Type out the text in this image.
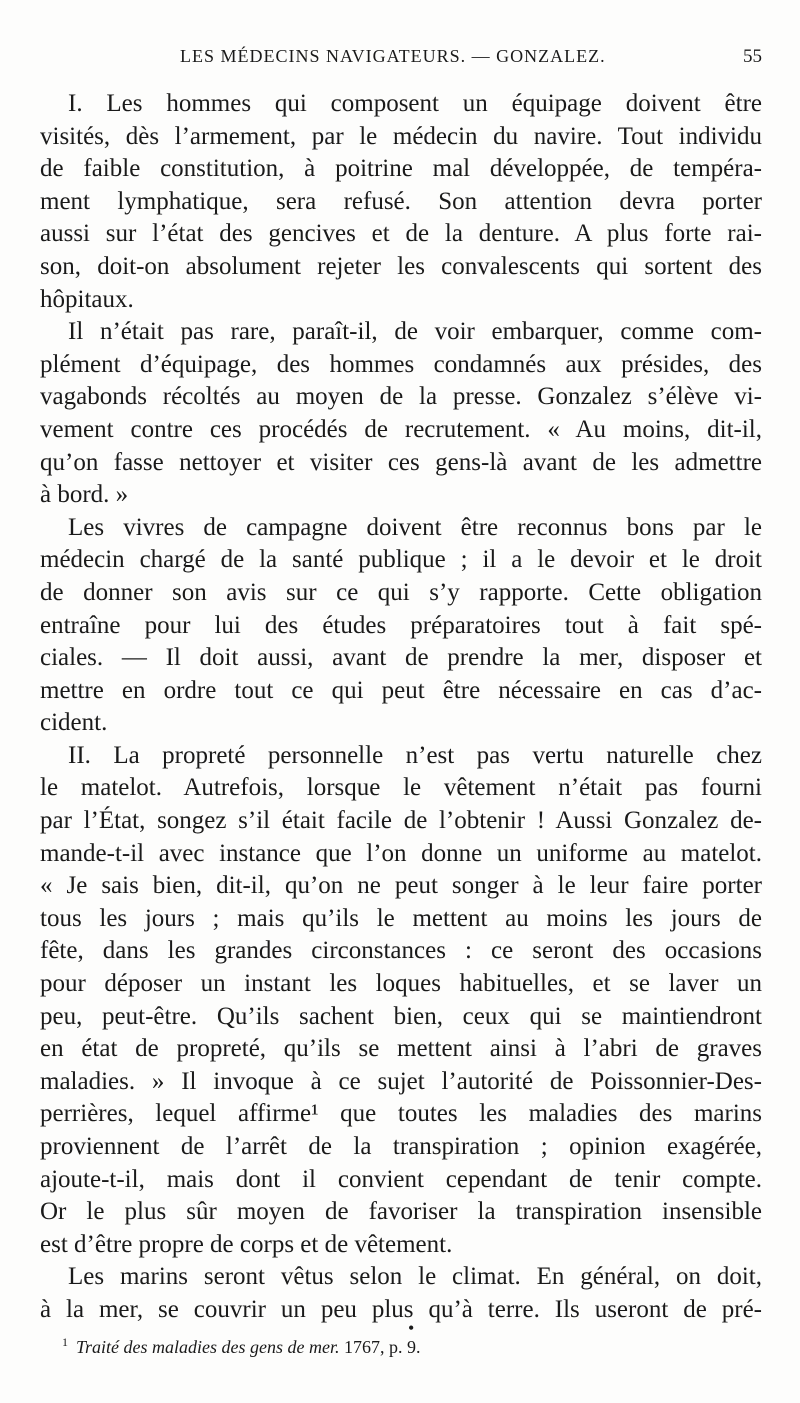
LES MÉDECINS NAVIGATEURS. — GONZALEZ.	55
I. Les hommes qui composent un équipage doivent être
visités, dès l’armement, par le médecin du navire. Tout individu
de faible constitution, à poitrine mal développée, de tempéra-
ment lymphatique, sera refusé. Son attention devra porter
aussi sur l’état des gencives et de la denture. A plus forte rai-
son, doit-on absolument rejeter les convalescents qui sortent des
hôpitaux.
Il n’était pas rare, paraît-il, de voir embarquer, comme com-
plément d’équipage, des hommes condamnés aux présides, des
vagabonds récoltés au moyen de la presse. Gonzalez s’élève vi-
vement contre ces procédés de recrutement. « Au moins, dit-il,
qu’on fasse nettoyer et visiter ces gens-là avant de les admettre
à bord. »
Les vivres de campagne doivent être reconnus bons par le
médecin chargé de la santé publique ; il a le devoir et le droit
de donner son avis sur ce qui s’y rapporte. Cette obligation
entraîne pour lui des études préparatoires tout à fait spé-
ciales. — Il doit aussi, avant de prendre la mer, disposer et
mettre en ordre tout ce qui peut être nécessaire en cas d’ac-
cident.
II. La propreté personnelle n’est pas vertu naturelle chez
le matelot. Autrefois, lorsque le vêtement n’était pas fourni
par l’État, songez s’il était facile de l’obtenir ! Aussi Gonzalez de-
mande-t-il avec instance que l’on donne un uniforme au matelot.
« Je sais bien, dit-il, qu’on ne peut songer à le leur faire porter
tous les jours ; mais qu’ils le mettent au moins les jours de
fête, dans les grandes circonstances : ce seront des occasions
pour déposer un instant les loques habituelles, et se laver un
peu, peut-être. Qu’ils sachent bien, ceux qui se maintiendront
en état de propreté, qu’ils se mettent ainsi à l’abri de graves
maladies. » Il invoque à ce sujet l’autorité de Poissonnier-Des-
perrières, lequel affirme¹ que toutes les maladies des marins
proviennent de l’arrêt de la transpiration ; opinion exagérée,
ajoute-t-il, mais dont il convient cependant de tenir compte.
Or le plus sûr moyen de favoriser la transpiration insensible
est d’être propre de corps et de vêtement.
Les marins seront vêtus selon le climat. En général, on doit,
à la mer, se couvrir un peu plus qu’à terre. Ils useront de pré-
•
$^1$ Traité des maladies des gens de mer. 1767, p. 9.
